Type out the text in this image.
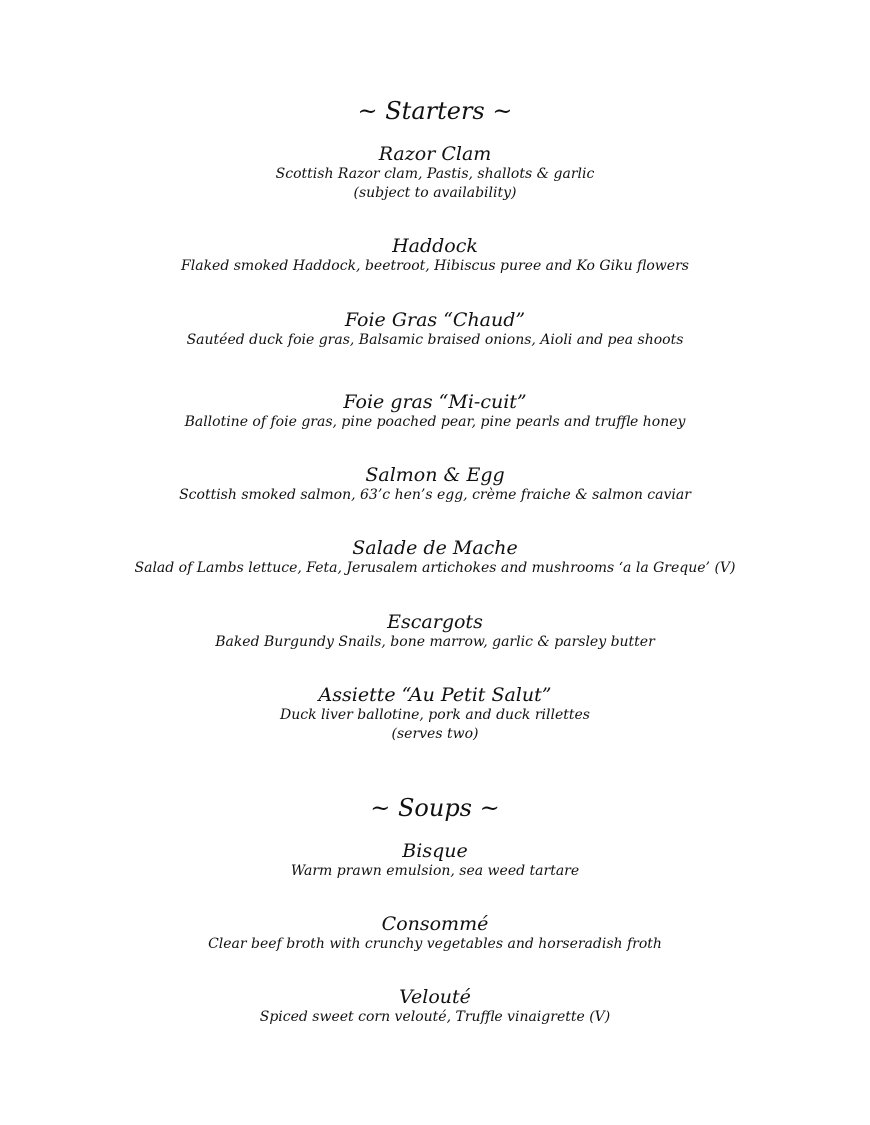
~ Starters ~
Razor Clam
Scottish Razor clam, Pastis, shallots & garlic
(subject to availability)
Haddock
Flaked smoked Haddock, beetroot, Hibiscus puree and Ko Giku flowers
Foie Gras “Chaud”
Sautéed duck foie gras, Balsamic braised onions, Aioli and pea shoots
Foie gras “Mi-cuit”
Ballotine of foie gras, pine poached pear, pine pearls and truffle honey
Salmon & Egg
Scottish smoked salmon, 63’c hen’s egg, crème fraiche & salmon caviar
Salade de Mache
Salad of Lambs lettuce, Feta, Jerusalem artichokes and mushrooms ‘a la Greque’ (V)
Escargots
Baked Burgundy Snails, bone marrow, garlic & parsley butter
Assiette “Au Petit Salut”
Duck liver ballotine, pork and duck rillettes
(serves two)
~ Soups ~
Bisque
Warm prawn emulsion, sea weed tartare
Consommé
Clear beef broth with crunchy vegetables and horseradish froth
Velouté
Spiced sweet corn velouté, Truffle vinaigrette (V)
